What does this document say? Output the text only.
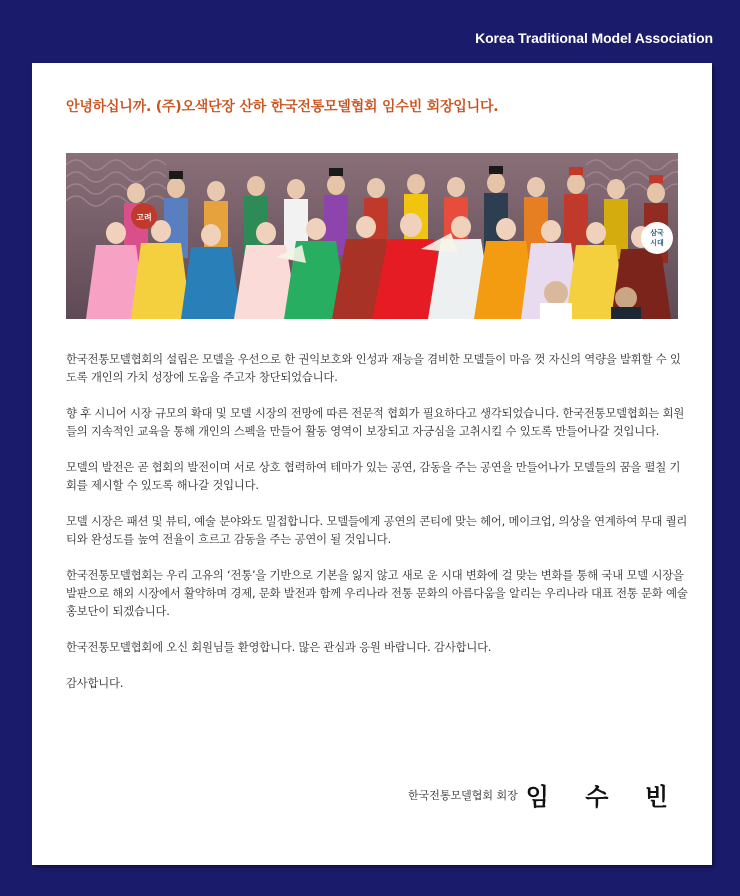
Korea Traditional Model Association
안녕하십니까. (주)오색단장 산하 한국전통모델협회 임수빈 회장입니다.
고려
삼국
시대

한국전통모델협회의 설립은 모델을 우선으로 한 권익보호와 인성과 재능을 겸비한 모델들이 마음 껏 자신의 역량을 발휘할 수 있도록 개인의 가치 성장에 도움을 주고자 창단되었습니다.

향 후 시니어 시장 규모의 확대 및 모델 시장의 전망에 따른 전문적 협회가 필요하다고 생각되었습니다. 한국전통모델협회는 회원들의 지속적인 교육을 통해 개인의 스펙을 만들어 활동 영역이 보장되고 자긍심을 고취시킬 수 있도록 만들어나갈 것입니다.

모델의 발전은 곧 협회의 발전이며 서로 상호 협력하여 테마가 있는 공연, 감동을 주는 공연을 만들어나가 모델들의 꿈을 펼칠 기회를 제시할 수 있도록 해나갈 것입니다.

모델 시장은 패션 및 뷰티, 예술 분야와도 밀접합니다. 모델들에게 공연의 콘티에 맞는 헤어, 메이크업, 의상을 연계하여 무대 퀄리 티와 완성도를 높여 전율이 흐르고 감동을 주는 공연이 될 것입니다.

한국전통모델협회는 우리 고유의 ‘전통’을 기반으로 기본을 잃지 않고 새로 운 시대 변화에 걸 맞는 변화를 통해 국내 모델 시장을 발판으로 해외 시장에서 활약하며 경제, 문화 발전과 함께 우리나라 전통 문화의 아름다움을 알리는 우리나라 대표 전통 문화 예술 홍보단이 되겠습니다.

한국전통모델협회에 오신 회원님들 환영합니다. 많은 관심과 응원 바랍니다. 감사합니다.

감사합니다.

한국전통모델협회 회장 임 수 빈
